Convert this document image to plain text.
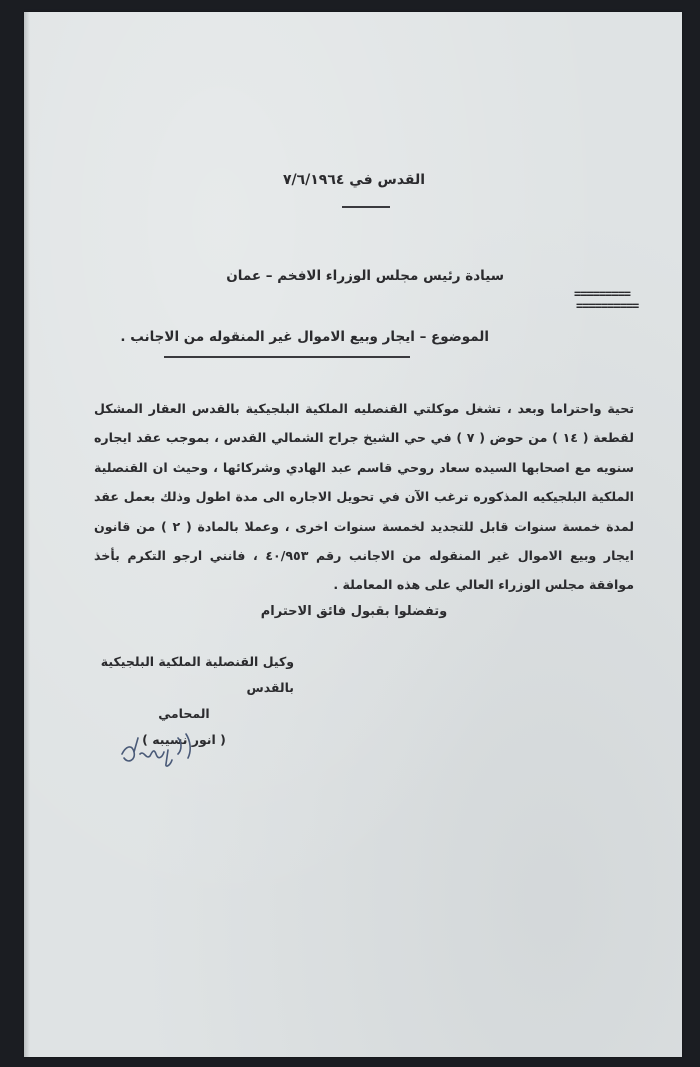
القدس في ٧/٦/١٩٦٤
سيادة رئيس مجلس الوزراء الافخم – عمان
=========
==========
الموضوع – ايجار وبيع الاموال غير المنقوله من الاجانب .
تحية واحتراما وبعد ، تشغل موكلتي القنصليه الملكية البلجيكية بالقدس العقار المشكل لقطعة ( ١٤ ) من حوض ( ٧ ) في حي الشيخ جراح الشمالي القدس ، بموجب عقد ايجاره سنويه مع اصحابها السيده سعاد روحي قاسم عبد الهادي وشركائها ، وحيث ان القنصلية الملكية البلجيكيه المذكوره ترغب الآن في تحويل الاجاره الى مدة اطول وذلك بعمل عقد لمدة خمسة سنوات قابل للتجديد لخمسة سنوات اخرى ، وعملا بالمادة ( ٢ ) من قانون ايجار وبيع الاموال غير المنقوله من الاجانب رقم ٤٠/٩٥٣ ، فانني ارجو التكرم بأخذ موافقة مجلس الوزراء العالي على هذه المعاملة .
وتفضلوا بقبول فائق الاحترام
وكيل القنصلية الملكية البلجيكية بالقدس
المحامي
( انور نسيبه )
